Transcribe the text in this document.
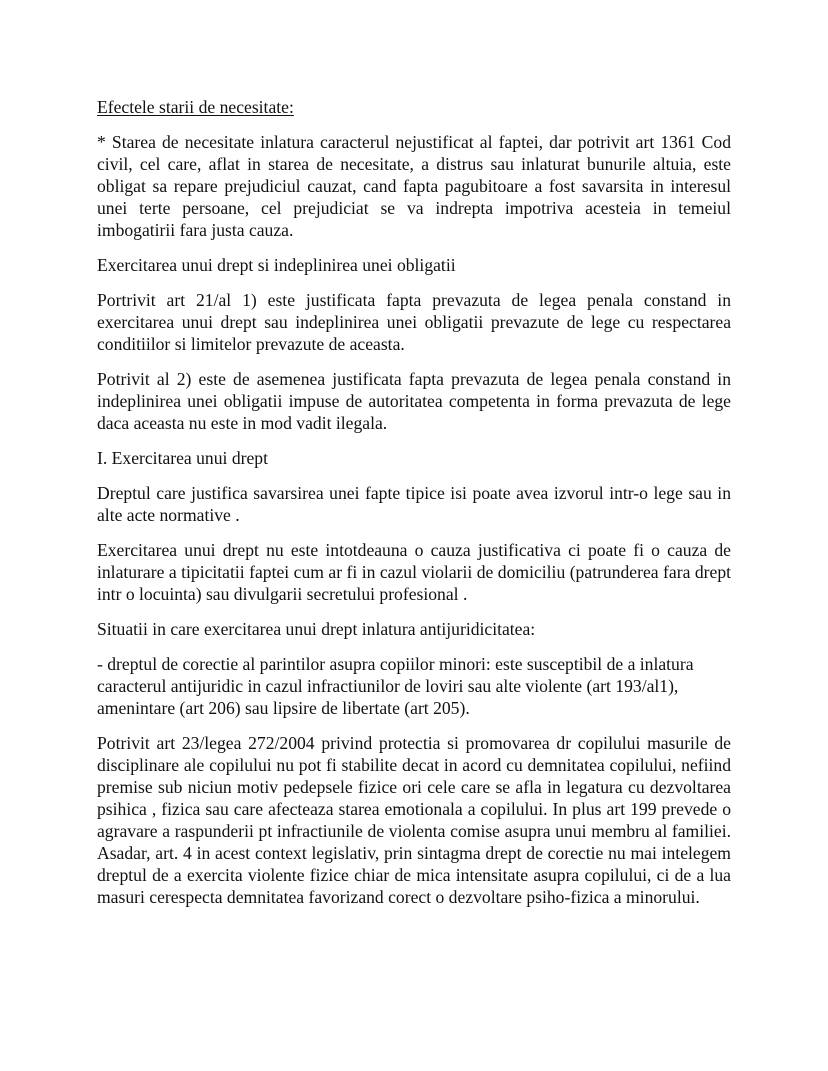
Efectele starii de necesitate:

* Starea de necesitate inlatura caracterul nejustificat al faptei, dar potrivit art 1361 Cod civil, cel care, aflat in starea de necesitate, a distrus sau inlaturat bunurile altuia, este obligat sa repare prejudiciul cauzat, cand fapta pagubitoare a fost savarsita in interesul unei terte persoane, cel prejudiciat se va indrepta impotriva acesteia in temeiul imbogatirii fara justa cauza.

Exercitarea unui drept si indeplinirea unei obligatii

Portrivit art 21/al 1) este justificata fapta prevazuta de legea penala constand in exercitarea unui drept sau indeplinirea unei obligatii prevazute de lege cu respectarea conditiilor si limitelor prevazute de aceasta.

Potrivit al 2) este de asemenea justificata fapta prevazuta de legea penala constand in indeplinirea unei obligatii impuse de autoritatea competenta in forma prevazuta de lege daca aceasta nu este in mod vadit ilegala.

I. Exercitarea unui drept

Dreptul care justifica savarsirea unei fapte tipice isi poate avea izvorul intr-o lege sau in alte acte normative .

Exercitarea unui drept nu este intotdeauna o cauza justificativa ci poate fi o cauza de inlaturare a tipicitatii faptei cum ar fi in cazul violarii de domiciliu (patrunderea fara drept intr o locuinta) sau divulgarii secretului profesional .

Situatii in care exercitarea unui drept inlatura antijuridicitatea:

- dreptul de corectie al parintilor asupra copiilor minori: este susceptibil de a inlatura caracterul antijuridic in cazul infractiunilor de loviri sau alte violente (art 193/al1), amenintare (art 206) sau lipsire de libertate (art 205).

Potrivit art 23/legea 272/2004 privind protectia si promovarea dr copilului masurile de disciplinare ale copilului nu pot fi stabilite decat in acord cu demnitatea copilului, nefiind premise sub niciun motiv pedepsele fizice ori cele care se afla in legatura cu dezvoltarea psihica , fizica sau care afecteaza starea emotionala a copilului. In plus art 199 prevede o agravare a raspunderii pt infractiunile de violenta comise asupra unui membru al familiei. Asadar, art. 4 in acest context legislativ, prin sintagma drept de corectie nu mai intelegem dreptul de a exercita violente fizice chiar de mica intensitate asupra copilului, ci de a lua masuri cerespecta demnitatea favorizand corect o dezvoltare psiho-fizica a minorului.
